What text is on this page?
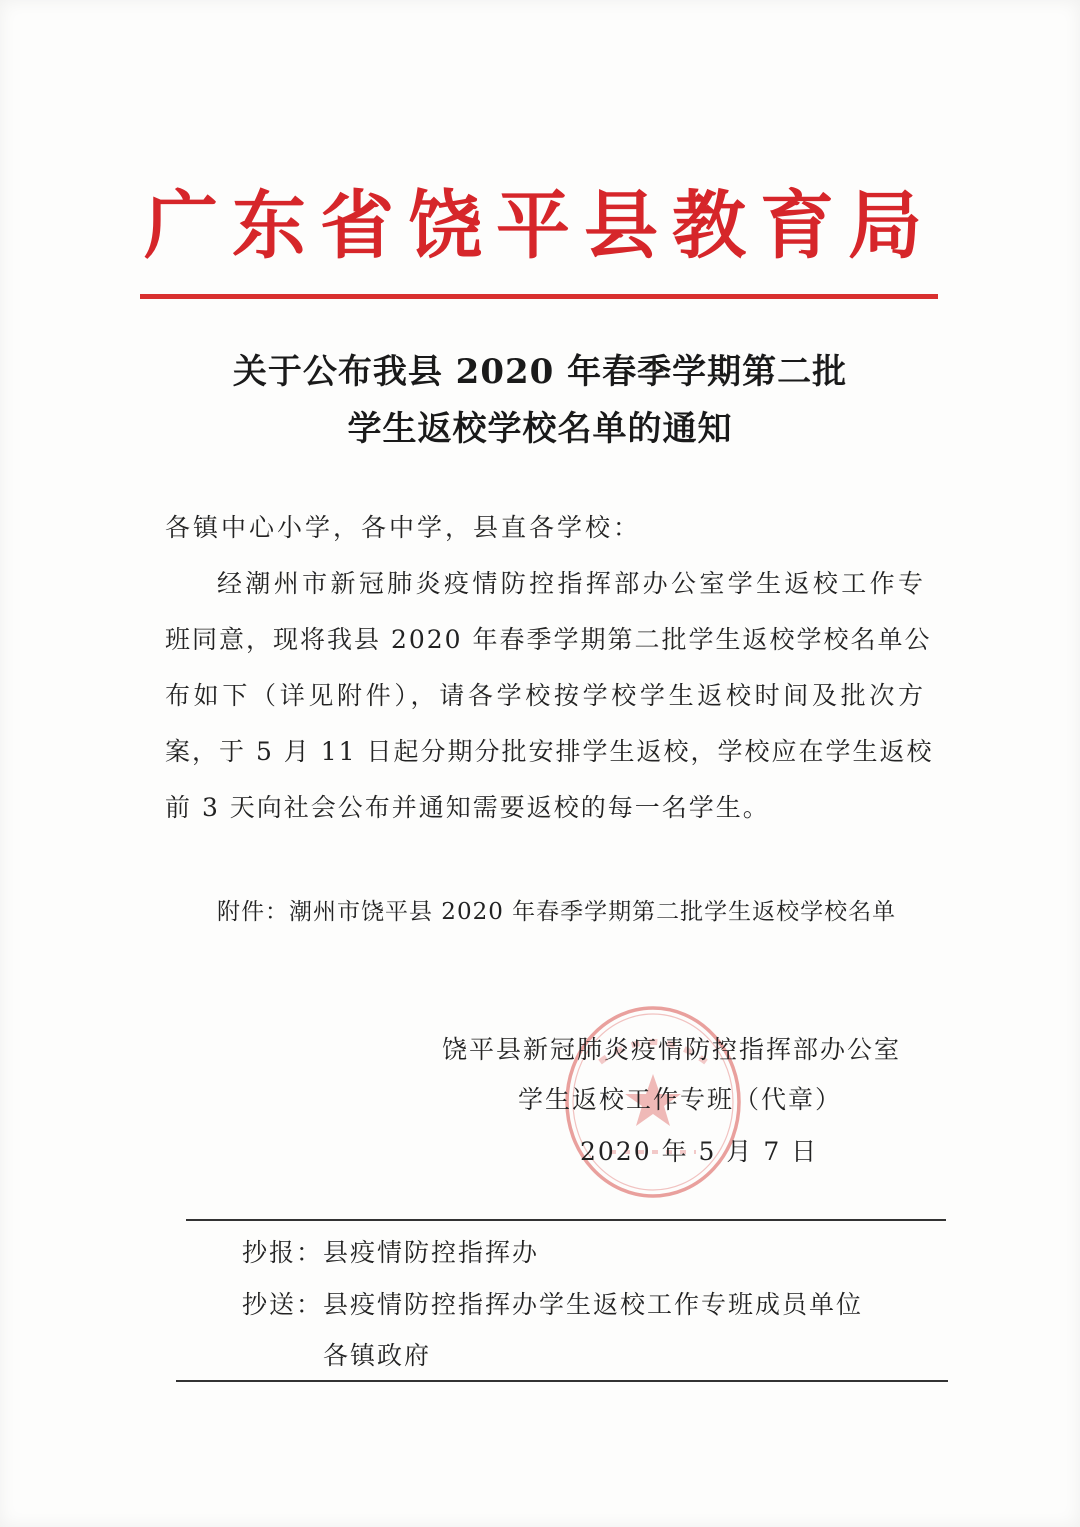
广东省饶平县教育局
关于公布我县 2020 年春季学期第二批
学生返校学校名单的通知
各镇中心小学，各中学，县直各学校：
经潮州市新冠肺炎疫情防控指挥部办公室学生返校工作专
班同意，现将我县 2020 年春季学期第二批学生返校学校名单公
布如下（详见附件），请各学校按学校学生返校时间及批次方
案，于 5 月 11 日起分期分批安排学生返校，学校应在学生返校
前 3 天向社会公布并通知需要返校的每一名学生。
附件：潮州市饶平县 2020 年春季学期第二批学生返校学校名单
饶平县新冠肺炎疫情防控指挥部办公室
学生返校工作专班（代章）
2020 年 5 月 7 日
抄报：县疫情防控指挥办
抄送：县疫情防控指挥办学生返校工作专班成员单位
各镇政府
